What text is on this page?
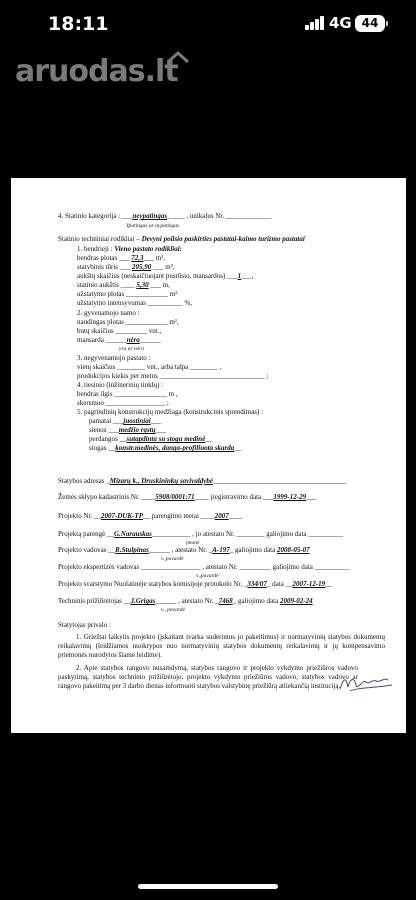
18:11	4G 44
aruodas.lt
4. Statinio kategorija : ___neypatingas_____ , unikalus Nr. _____________
Ypatingas ar nypatingas
Statinio techniniai rodikliai – Devyni poilsio paskirties pastatai-kaimo turizmo pastatai
1. bendrieji : Vieno pastato rodikliai:
bendras plotas ___ 72,3___ m²,
statybinis tūris ___ 205,90 ___ m³,
aukštų skaičius (neskaičiuojant pusrūsio, mansardos) ___1___,
statinio aukštis ____ 5,30 ___ m,
užstatymo plotas ____________ m²
užstatymo intensyvumas __________ %,
2. gyvenamojo namo :
naudingas plotas ____________ m²,
butų skaičius _________ vnt.,
mansarda ______nėra______
yra ar nėra
3. negyvenamojo pastato :
vietų skaičius ________ vnt., arba talpa ________ ,
produkcijos kiekis per metus ______________________________ ;
4. tiesinio (inžinerinių tinklų) :
bendras ilgis _______________ m ,
skersmuo _________________ ;
5. pagrindinių konstrukcijų medžiaga (konstrukcinis sprendimas) :
pamatai ___juostiniai___
sienos ___medžio rąstų___
perdangos __sutapdinta su stogu medinė__
stogas __konstr.medinės, danga-profiliuota skarda__
Statybos adresas _Mizarų k., Druskininkų savivaldybė______________________________________
Žemės sklypo kadastrinis Nr. ____5908/0001:71____ įregistravimo data ___1999-12-29___
Projekto Nr. __2007-DUK-TP__ parengimo metai ____2007____
Projektą parengė __G.Narauskas___________ , jo atestato Nr. ________ galiojimo data __________
įmonė
Projekto vadovas __R.Stulpinas______ , atestato Nr. _A-197_ galiojimo data 2008-05-07
v.,pavardė
Projekto ekspertizės vadovas _________________ , atestato Nr. _________ galiojimo data __________
v.,pavardė
Projekto svarstymo Nuolatinėje statybos komisijoje protokolo Nr. _334/07_ data __2007-12-19__
Techninis prižiūrėtojas __J.Grigas______ , atestato Nr. _7468_ galiojimo data 2009-02-24
v., pavardė
Statytojas privalo :
1. Griežtai laikytis projekto (įskaitant tvarka suderintus jo pakeitimus) ir normatyvinių statybos dokumentų reikalavimų (leidžiamos nuokrypos nuo normatyvinių statybos dokumentų reikalavimų ir jų kompensavimo priemonės nurodytos šiame leidime).
2. Apie statybos rangovo nusamdymą, statybos rangovo ir projekto vykdymo priežiūros vadovo paskyrimą, statybos techninio prižiūrėtojo, projekto vykdymo priežiūros vadovo, statybos vadovo ar rangovo pakeitimą per 3 darbo dienas informuoti statybos valstybinę priežiūrą atliekančią instituciją.
